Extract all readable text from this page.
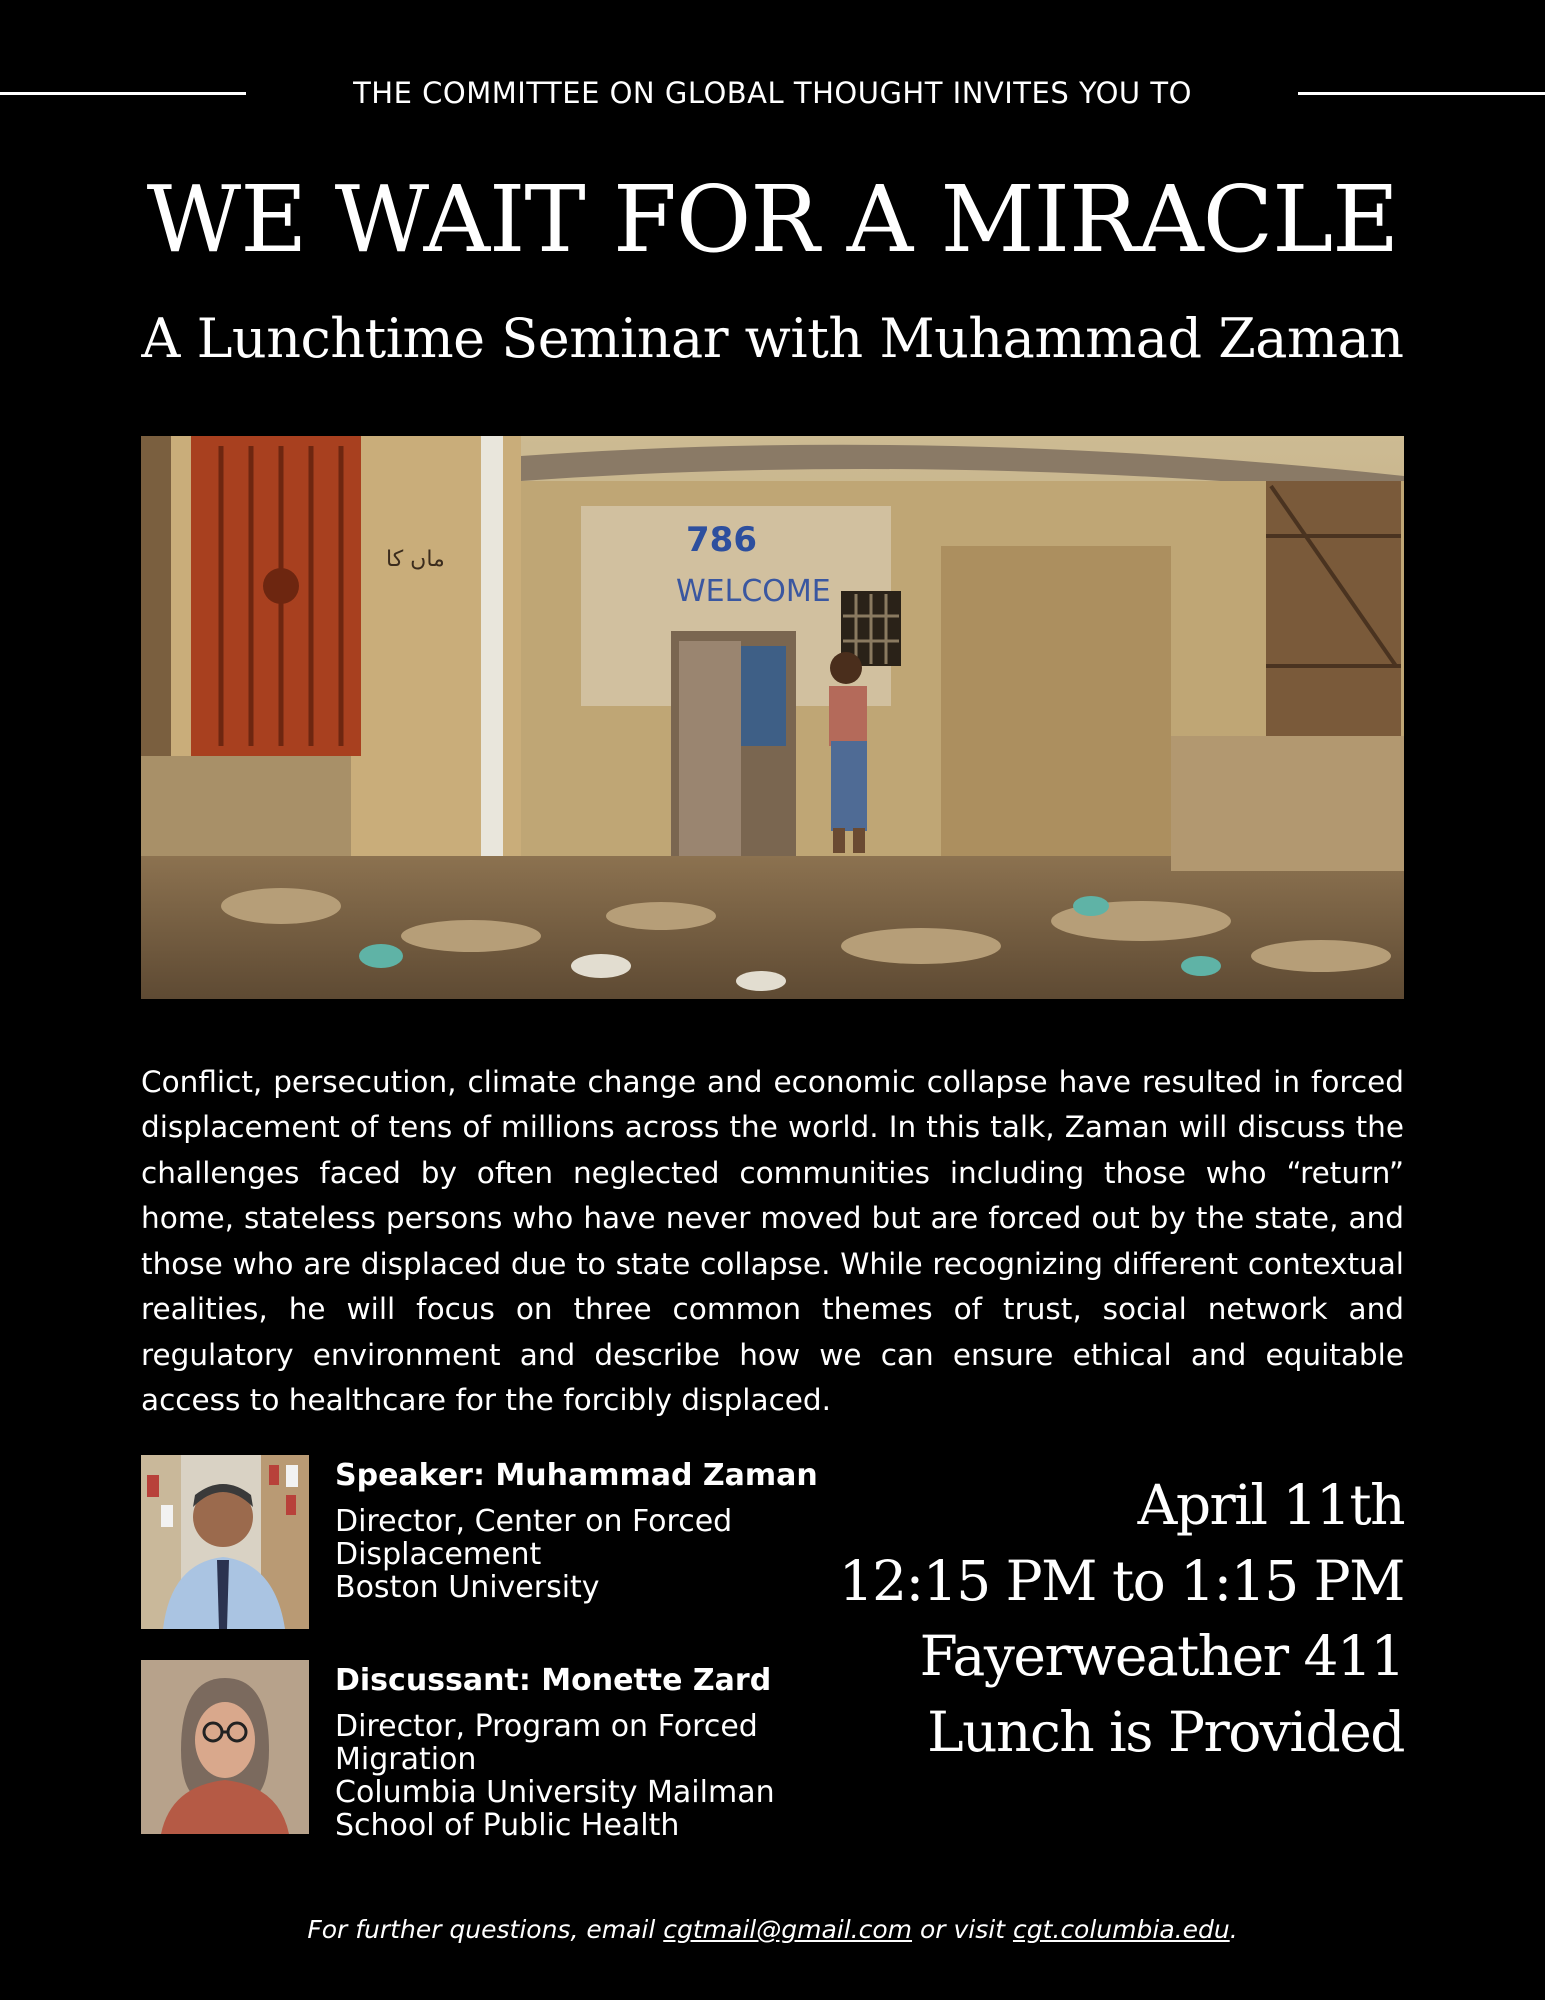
THE COMMITTEE ON GLOBAL THOUGHT INVITES YOU TO
WE WAIT FOR A MIRACLE
A Lunchtime Seminar with Muhammad Zaman
786
WELCOME
ماں کا

Conflict, persecution, climate change and economic collapse have resulted in forced displacement of tens of millions across the world. In this talk, Zaman will discuss the challenges faced by often neglected communities including those who “return” home, stateless persons who have never moved but are forced out by the state, and those who are displaced due to state collapse. While recognizing different contextual realities, he will focus on three common themes of trust, social network and regulatory environment and describe how we can ensure ethical and equitable access to healthcare for the forcibly displaced.

Speaker: Muhammad Zaman
Director, Center on Forced
Displacement
Boston University
Discussant: Monette Zard
Director, Program on Forced
Migration
Columbia University Mailman
School of Public Health
April 11th
12:15 PM to 1:15 PM
Fayerweather 411
Lunch is Provided
For further questions, email cgtmail@gmail.com or visit cgt.columbia.edu.
